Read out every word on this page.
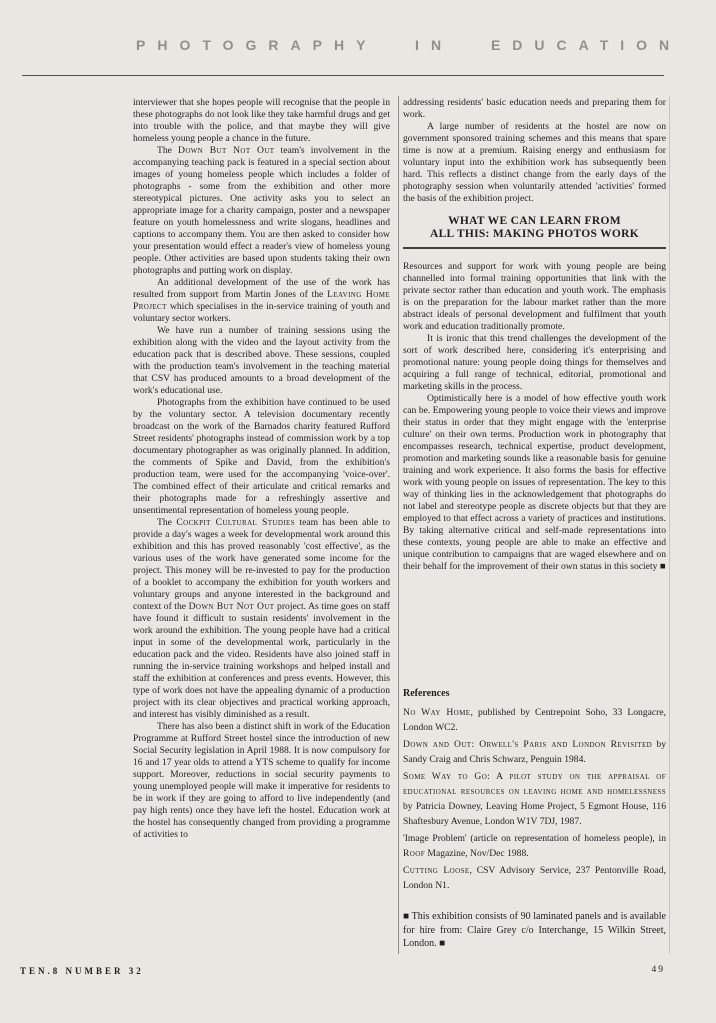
PHOTOGRAPHY IN EDUCATION

interviewer that she hopes people will recognise that the people in these photographs do not look like they take harmful drugs and get into trouble with the police, and that maybe they will give homeless young people a chance in the future.

The Down But Not Out team's involvement in the accompanying teaching pack is featured in a special section about images of young homeless people which includes a folder of photographs - some from the exhibition and other more stereotypical pictures. One activity asks you to select an appropriate image for a charity campaign, poster and a newspaper feature on youth homelessness and write slogans, headlines and captions to accompany them. You are then asked to consider how your presentation would effect a reader's view of homeless young people. Other activities are based upon students taking their own photographs and putting work on display.

An additional development of the use of the work has resulted from support from Martin Jones of the Leaving Home Project which specialises in the in-service training of youth and voluntary sector workers.

We have run a number of training sessions using the exhibition along with the video and the layout activity from the education pack that is described above. These sessions, coupled with the production team's involvement in the teaching material that CSV has produced amounts to a broad development of the work's educational use.

Photographs from the exhibition have continued to be used by the voluntary sector. A television documentary recently broadcast on the work of the Barnados charity featured Rufford Street residents' photographs instead of commission work by a top documentary photographer as was originally planned. In addition, the comments of Spike and David, from the exhibition's production team, were used for the accompanying 'voice-over'. The combined effect of their articulate and critical remarks and their photographs made for a refreshingly assertive and unsentimental representation of homeless young people.

The Cockpit Cultural Studies team has been able to provide a day's wages a week for developmental work around this exhibition and this has proved reasonably 'cost effective', as the various uses of the work have generated some income for the project. This money will be re-invested to pay for the production of a booklet to accompany the exhibition for youth workers and voluntary groups and anyone interested in the background and context of the Down But Not Out project. As time goes on staff have found it difficult to sustain residents' involvement in the work around the exhibition. The young people have had a critical input in some of the developmental work, particularly in the education pack and the video. Residents have also joined staff in running the in-service training workshops and helped install and staff the exhibition at conferences and press events. However, this type of work does not have the appealing dynamic of a production project with its clear objectives and practical working approach, and interest has visibly diminished as a result.

There has also been a distinct shift in work of the Education Programme at Rufford Street hostel since the introduction of new Social Security legislation in April 1988. It is now compulsory for 16 and 17 year olds to attend a YTS scheme to qualify for income support. Moreover, reductions in social security payments to young unemployed people will make it imperative for residents to be in work if they are going to afford to live independently (and pay high rents) once they have left the hostel. Education work at the hostel has consequently changed from providing a programme of activities to

addressing residents' basic education needs and preparing them for work.

A large number of residents at the hostel are now on government sponsored training schemes and this means that spare time is now at a premium. Raising energy and enthusiasm for voluntary input into the exhibition work has subsequently been hard. This reflects a distinct change from the early days of the photography session when voluntarily attended 'activities' formed the basis of the exhibition project.

WHAT WE CAN LEARN FROM
ALL THIS: MAKING PHOTOS WORK

Resources and support for work with young people are being channelled into formal training opportunities that link with the private sector rather than education and youth work. The emphasis is on the preparation for the labour market rather than the more abstract ideals of personal development and fulfilment that youth work and education traditionally promote.

It is ironic that this trend challenges the development of the sort of work described here, considering it's enterprising and promotional nature: young people doing things for themselves and acquiring a full range of technical, editorial, promotional and marketing skills in the process.

Optimistically here is a model of how effective youth work can be. Empowering young people to voice their views and improve their status in order that they might engage with the 'enterprise culture' on their own terms. Production work in photography that encompasses research, technical expertise, product development, promotion and marketing sounds like a reasonable basis for genuine training and work experience. It also forms the basis for effective work with young people on issues of representation. The key to this way of thinking lies in the acknowledgement that photographs do not label and stereotype people as discrete objects but that they are employed to that effect across a variety of practices and institutions. By taking alternative critical and self-made representations into these contexts, young people are able to make an effective and unique contribution to campaigns that are waged elsewhere and on their behalf for the improvement of their own status in this society ■

References

No Way Home, published by Centrepoint Soho, 33 Longacre, London WC2.

Down and Out: Orwell's Paris and London Revisited by Sandy Craig and Chris Schwarz, Penguin 1984.

Some Way to Go: A pilot study on the appraisal of educational resources on leaving home and homelessness by Patricia Downey, Leaving Home Project, 5 Egmont House, 116 Shaftesbury Avenue, London W1V 7DJ, 1987.

'Image Problem' (article on representation of homeless people), in Roof Magazine, Nov/Dec 1988.

Cutting Loose, CSV Advisory Service, 237 Pentonville Road, London N1.

■ This exhibition consists of 90 laminated panels and is available for hire from: Claire Grey c/o Interchange, 15 Wilkin Street, London. ■

TEN.8 NUMBER 32	49
